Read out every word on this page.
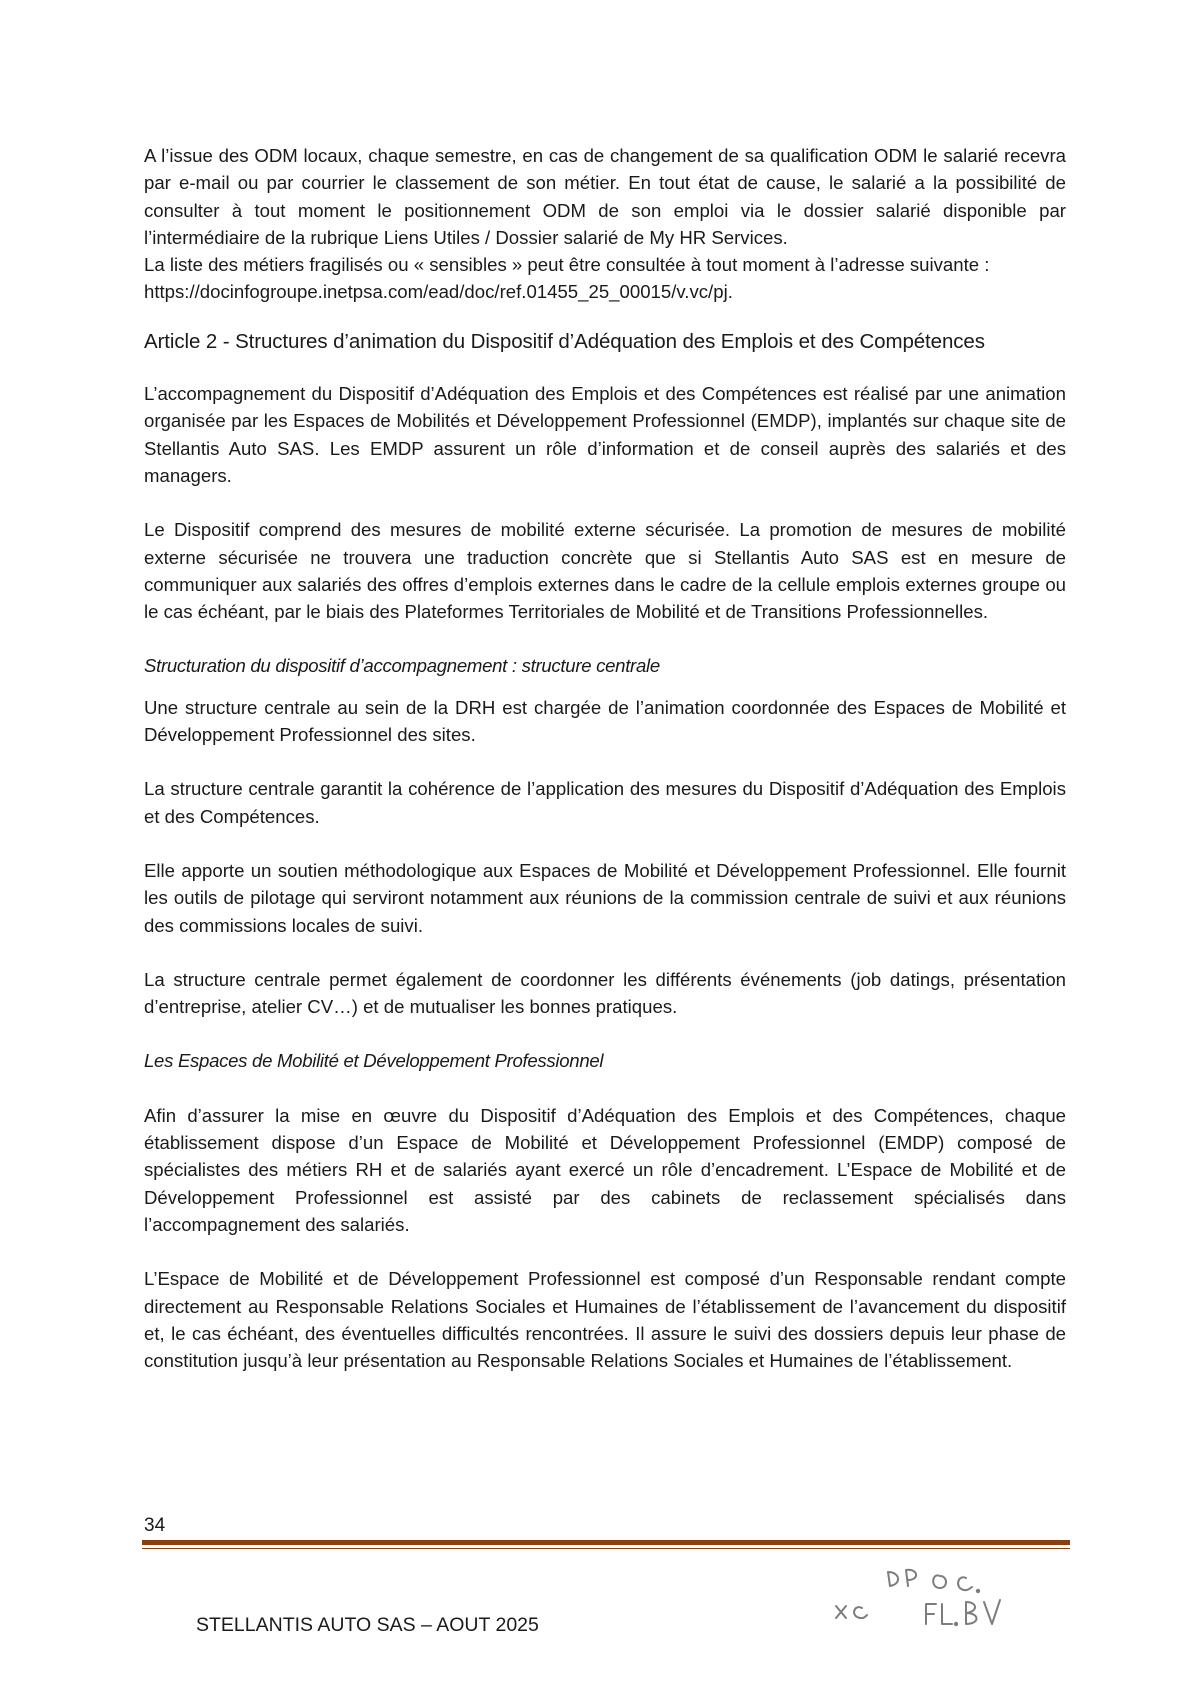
A l’issue des ODM locaux, chaque semestre, en cas de changement de sa qualification ODM le salarié recevra par e-mail ou par courrier le classement de son métier. En tout état de cause, le salarié a la possibilité de consulter à tout moment le positionnement ODM de son emploi via le dossier salarié disponible par l’intermédiaire de la rubrique Liens Utiles / Dossier salarié de My HR Services.

La liste des métiers fragilisés ou « sensibles » peut être consultée à tout moment à l’adresse suivante :
https://docinfogroupe.inetpsa.com/ead/doc/ref.01455_25_00015/v.vc/pj.

Article 2 - Structures d’animation du Dispositif d’Adéquation des Emplois et des Compétences

L’accompagnement du Dispositif d’Adéquation des Emplois et des Compétences est réalisé par une animation organisée par les Espaces de Mobilités et Développement Professionnel (EMDP), implantés sur chaque site de Stellantis Auto SAS. Les EMDP assurent un rôle d’information et de conseil auprès des salariés et des managers.

Le Dispositif comprend des mesures de mobilité externe sécurisée. La promotion de mesures de mobilité externe sécurisée ne trouvera une traduction concrète que si Stellantis Auto SAS est en mesure de communiquer aux salariés des offres d’emplois externes dans le cadre de la cellule emplois externes groupe ou le cas échéant, par le biais des Plateformes Territoriales de Mobilité et de Transitions Professionnelles.

Structuration du dispositif d’accompagnement : structure centrale

Une structure centrale au sein de la DRH est chargée de l’animation coordonnée des Espaces de Mobilité et Développement Professionnel des sites.

La structure centrale garantit la cohérence de l’application des mesures du Dispositif d’Adéquation des Emplois et des Compétences.

Elle apporte un soutien méthodologique aux Espaces de Mobilité et Développement Professionnel. Elle fournit les outils de pilotage qui serviront notamment aux réunions de la commission centrale de suivi et aux réunions des commissions locales de suivi.

La structure centrale permet également de coordonner les différents événements (job datings, présentation d’entreprise, atelier CV…) et de mutualiser les bonnes pratiques.

Les Espaces de Mobilité et Développement Professionnel

Afin d’assurer la mise en œuvre du Dispositif d’Adéquation des Emplois et des Compétences, chaque établissement dispose d’un Espace de Mobilité et Développement Professionnel (EMDP) composé de spécialistes des métiers RH et de salariés ayant exercé un rôle d’encadrement. L’Espace de Mobilité et de Développement Professionnel est assisté par des cabinets de reclassement spécialisés dans l’accompagnement des salariés.

L’Espace de Mobilité et de Développement Professionnel est composé d’un Responsable rendant compte directement au Responsable Relations Sociales et Humaines de l’établissement de l’avancement du dispositif et, le cas échéant, des éventuelles difficultés rencontrées. Il assure le suivi des dossiers depuis leur phase de constitution jusqu’à leur présentation au Responsable Relations Sociales et Humaines de l’établissement.

34
STELLANTIS AUTO SAS – AOUT 2025
